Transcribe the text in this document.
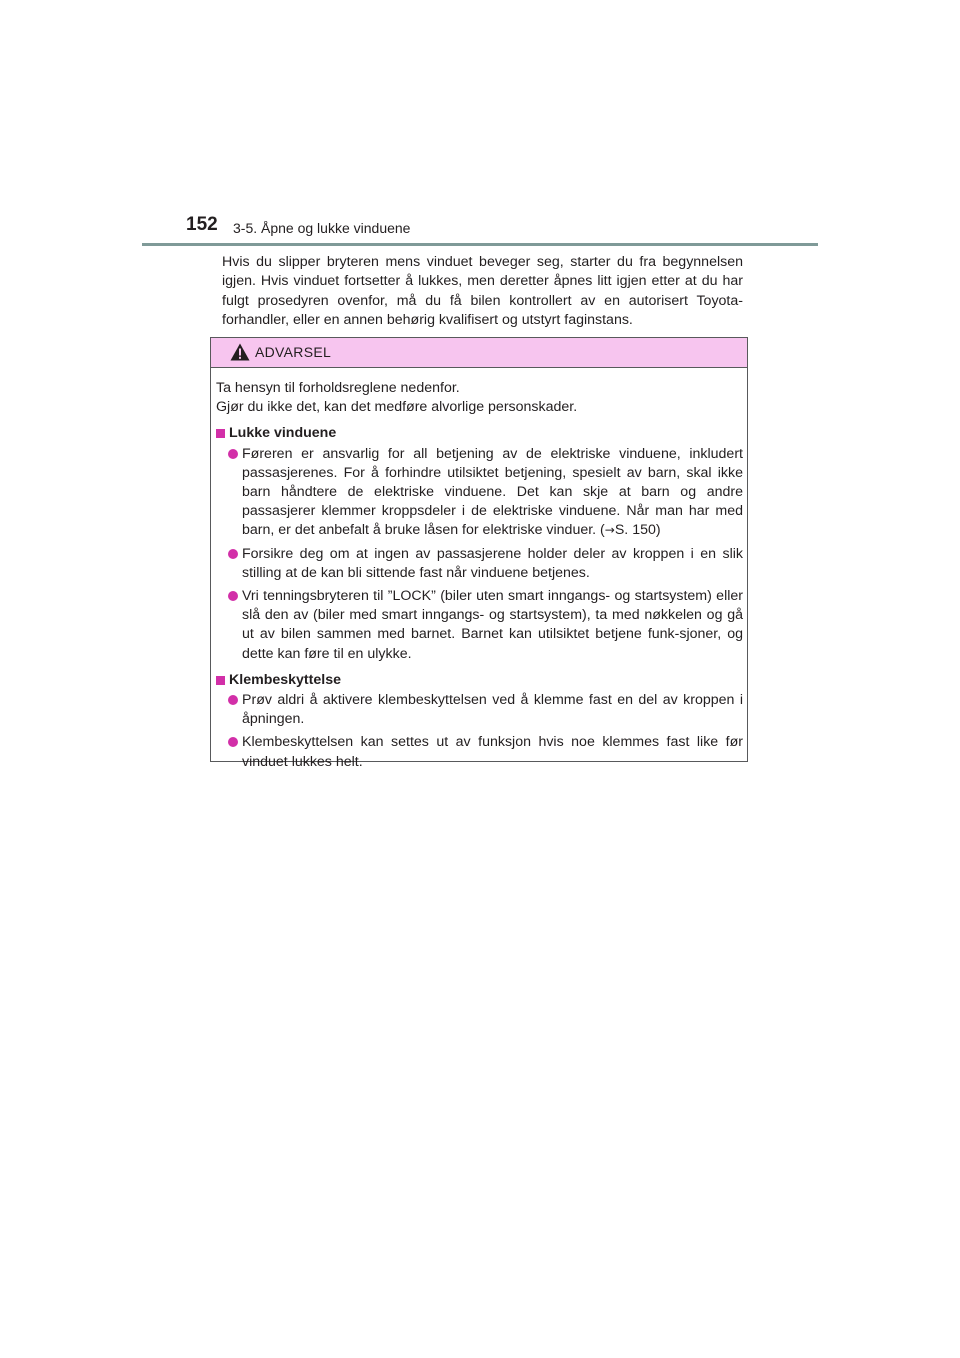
152 3-5. Åpne og lukke vinduene

Hvis du slipper bryteren mens vinduet beveger seg, starter du fra begynnelsen igjen. Hvis vinduet fortsetter å lukkes, men deretter åpnes litt igjen etter at du har fulgt prosedyren ovenfor, må du få bilen kontrollert av en autorisert Toyota-forhandler, eller en annen behørig kvalifisert og utstyrt faginstans.

ADVARSEL

Ta hensyn til forholdsreglene nedenfor.

Gjør du ikke det, kan det medføre alvorlige personskader.

Lukke vinduene

Føreren er ansvarlig for all betjening av de elektriske vinduene, inkludert passasjerenes. For å forhindre utilsiktet betjening, spesielt av barn, skal ikke barn håndtere de elektriske vinduene. Det kan skje at barn og andre passasjerer klemmer kroppsdeler i de elektriske vinduene. Når man har med barn, er det anbefalt å bruke låsen for elektriske vinduer. (→S. 150)

Forsikre deg om at ingen av passasjerene holder deler av kroppen i en slik stilling at de kan bli sittende fast når vinduene betjenes.

Vri tenningsbryteren til ”LOCK” (biler uten smart inngangs- og startsystem) eller slå den av (biler med smart inngangs- og startsystem), ta med nøkkelen og gå ut av bilen sammen med barnet. Barnet kan utilsiktet betjene funk-sjoner, og dette kan føre til en ulykke.

Klembeskyttelse

Prøv aldri å aktivere klembeskyttelsen ved å klemme fast en del av kroppen i åpningen.

Klembeskyttelsen kan settes ut av funksjon hvis noe klemmes fast like før vinduet lukkes helt.
